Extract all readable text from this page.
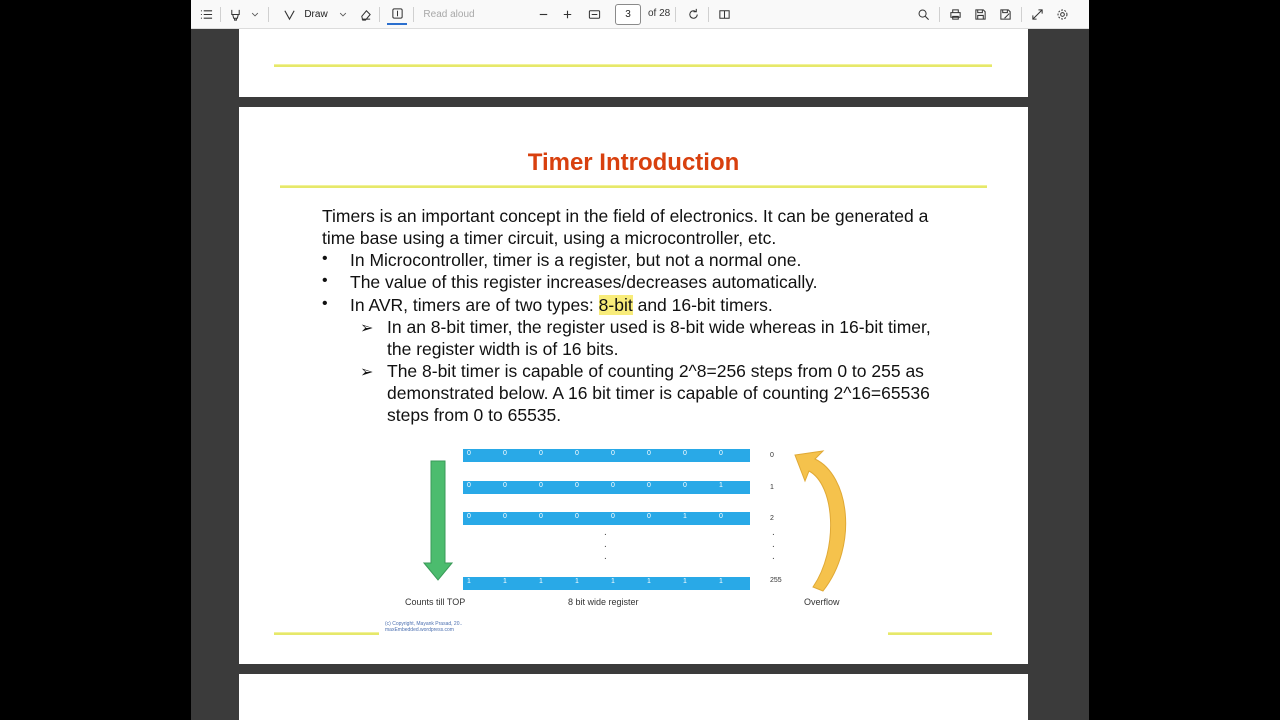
Draw	Read aloud	3	of 28
Timer Introduction
Timers is an important concept in the field of electronics. It can be generated a
time base using a timer circuit, using a microcontroller, etc.
• In Microcontroller, timer is a register, but not a normal one.
• The value of this register increases/decreases automatically.
• In AVR, timers are of two types: 8-bit and 16-bit timers.
➢ In an 8-bit timer, the register used is 8-bit wide whereas in 16-bit timer,
the register width is of 16 bits.
➢ The 8-bit timer is capable of counting 2^8=256 steps from 0 to 255 as
demonstrated below. A 16 bit timer is capable of counting 2^16=65536
steps from 0 to 65535.
0	0	0	0	0	0	0	0	0
0	0	0	0	0	0	0	1	1
0	0	0	0	0	0	1	0	2
.
.
.
.
.
.
1	1	1	1	1	1	1	1	255
Counts till TOP	8 bit wide register	Overflow
(c) Copyright, Mayank Prasad, 20..
maxEmbedded.wordpress.com
